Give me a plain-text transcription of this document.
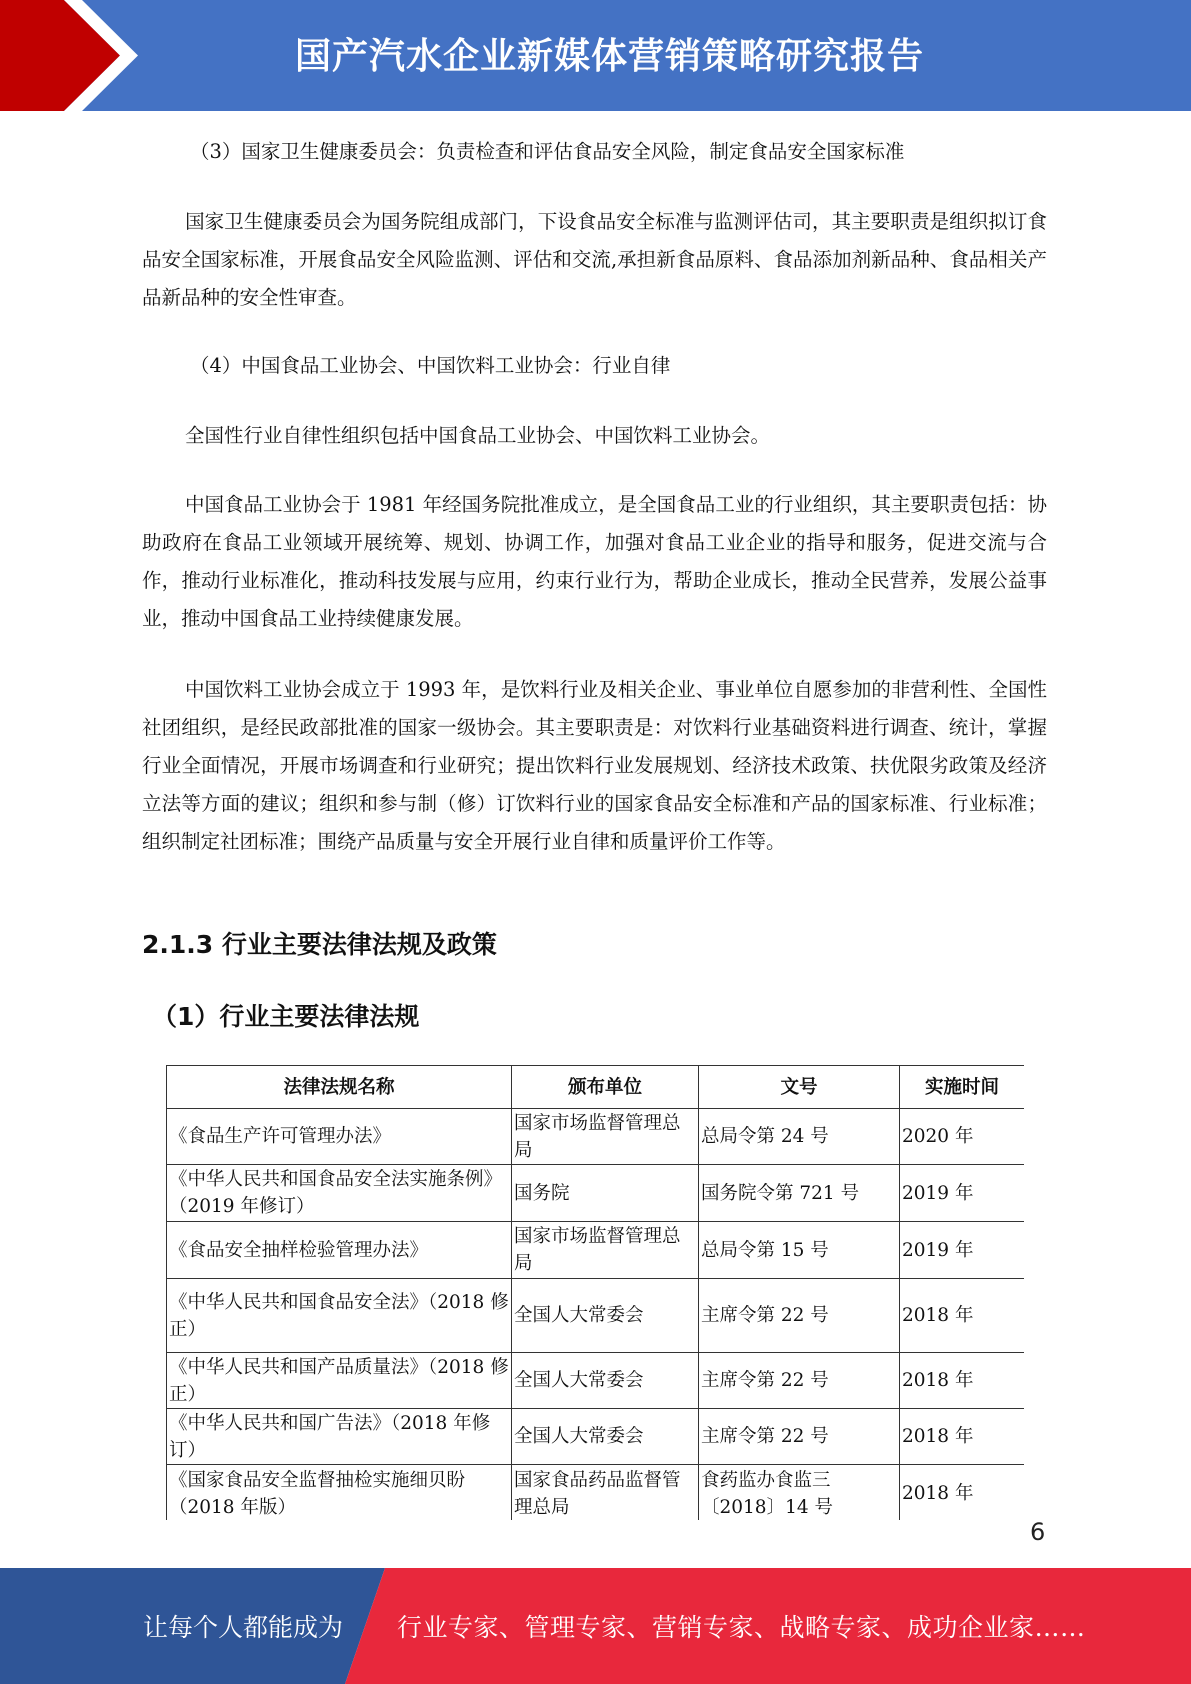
国产汽水企业新媒体营销策略研究报告
（3）国家卫生健康委员会：负责检查和评估食品安全风险，制定食品安全国家标准
国家卫生健康委员会为国务院组成部门，下设食品安全标准与监测评估司，其主要职责是组织拟订食品安全国家标准，开展食品安全风险监测、评估和交流,承担新食品原料、食品添加剂新品种、食品相关产品新品种的安全性审查。
（4）中国食品工业协会、中国饮料工业协会：行业自律
全国性行业自律性组织包括中国食品工业协会、中国饮料工业协会。
中国食品工业协会于 1981 年经国务院批准成立，是全国食品工业的行业组织，其主要职责包括：协助政府在食品工业领域开展统筹、规划、协调工作，加强对食品工业企业的指导和服务，促进交流与合作，推动行业标准化，推动科技发展与应用，约束行业行为，帮助企业成长，推动全民营养，发展公益事业，推动中国食品工业持续健康发展。
中国饮料工业协会成立于 1993 年，是饮料行业及相关企业、事业单位自愿参加的非营利性、全国性社团组织，是经民政部批准的国家一级协会。其主要职责是：对饮料行业基础资料进行调查、统计，掌握行业全面情况，开展市场调查和行业研究；提出饮料行业发展规划、经济技术政策、扶优限劣政策及经济立法等方面的建议；组织和参与制（修）订饮料行业的国家食品安全标准和产品的国家标准、行业标准；组织制定社团标准；围绕产品质量与安全开展行业自律和质量评价工作等。
2.1.3 行业主要法律法规及政策
（1）行业主要法律法规
法律法规名称	颁布单位	文号	实施时间
《食品生产许可管理办法》	国家市场监督管理总局	总局令第 24 号	2020 年
《中华人民共和国食品安全法实施条例》（2019 年修订）	国务院	国务院令第 721 号	2019 年
《食品安全抽样检验管理办法》	国家市场监督管理总局	总局令第 15 号	2019 年
《中华人民共和国食品安全法》（2018 修正）	全国人大常委会	主席令第 22 号	2018 年
《中华人民共和国产品质量法》（2018 修正）	全国人大常委会	主席令第 22 号	2018 年
《中华人民共和国广告法》（2018 年修订）	全国人大常委会	主席令第 22 号	2018 年
《国家食品安全监督抽检实施细贝盼（2018 年版）	国家食品药品监督管理总局	食药监办食监三〔2018〕14 号	2018 年
6
让每个人都能成为 行业专家、管理专家、营销专家、战略专家、成功企业家……
